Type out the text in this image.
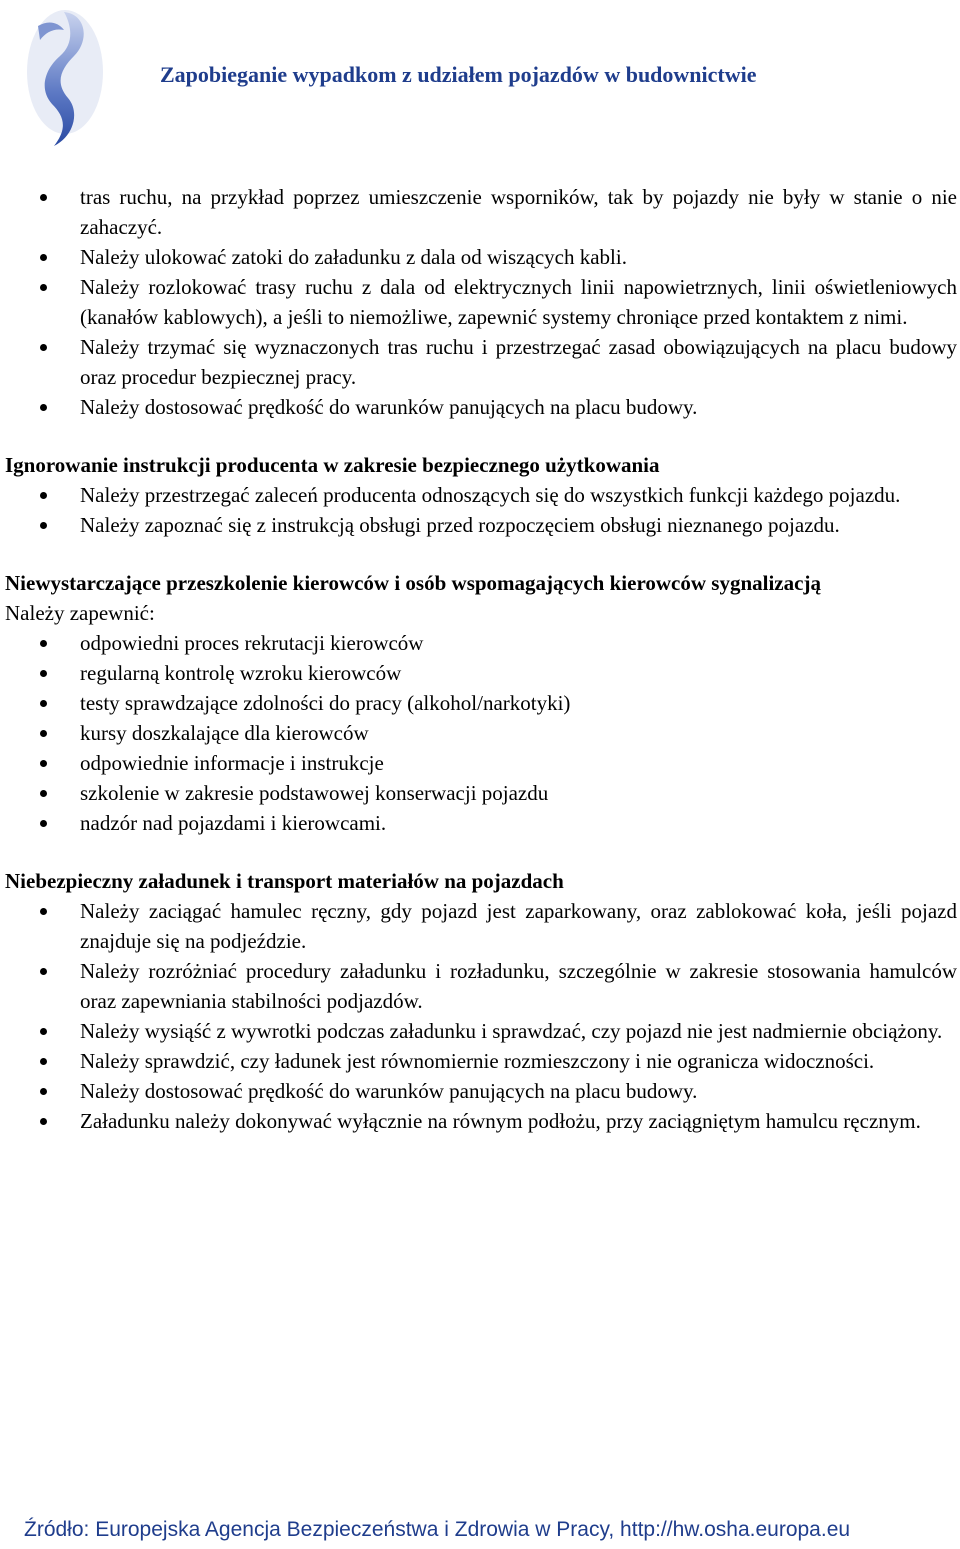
Zapobieganie wypadkom z udziałem pojazdów w budownictwie
tras ruchu, na przykład poprzez umieszczenie wsporników, tak by pojazdy nie były w stanie o nie zahaczyć.
Należy ulokować zatoki do załadunku z dala od wiszących kabli.
Należy rozlokować trasy ruchu z dala od elektrycznych linii napowietrznych, linii oświetleniowych (kanałów kablowych), a jeśli to niemożliwe, zapewnić systemy chroniące przed kontaktem z nimi.
Należy trzymać się wyznaczonych tras ruchu i przestrzegać zasad obowiązujących na placu budowy oraz procedur bezpiecznej pracy.
Należy dostosować prędkość do warunków panujących na placu budowy.
Ignorowanie instrukcji producenta w zakresie bezpiecznego użytkowania
Należy przestrzegać zaleceń producenta odnoszących się do wszystkich funkcji każdego pojazdu.
Należy zapoznać się z instrukcją obsługi przed rozpoczęciem obsługi nieznanego pojazdu.
Niewystarczające przeszkolenie kierowców i osób wspomagających kierowców sygnalizacją
Należy zapewnić:
odpowiedni proces rekrutacji kierowców
regularną kontrolę wzroku kierowców
testy sprawdzające zdolności do pracy (alkohol/narkotyki)
kursy doszkalające dla kierowców
odpowiednie informacje i instrukcje
szkolenie w zakresie podstawowej konserwacji pojazdu
nadzór nad pojazdami i kierowcami.
Niebezpieczny załadunek i transport materiałów na pojazdach
Należy zaciągać hamulec ręczny, gdy pojazd jest zaparkowany, oraz zablokować koła, jeśli pojazd znajduje się na podjeździe.
Należy rozróżniać procedury załadunku i rozładunku, szczególnie w zakresie stosowania hamulców oraz zapewniania stabilności podjazdów.
Należy wysiąść z wywrotki podczas załadunku i sprawdzać, czy pojazd nie jest nadmiernie obciążony.
Należy sprawdzić, czy ładunek jest równomiernie rozmieszczony i nie ogranicza widoczności.
Należy dostosować prędkość do warunków panujących na placu budowy.
Załadunku należy dokonywać wyłącznie na równym podłożu, przy zaciągniętym hamulcu ręcznym.
Źródło: Europejska Agencja Bezpieczeństwa i Zdrowia w Pracy, http://hw.osha.europa.eu
